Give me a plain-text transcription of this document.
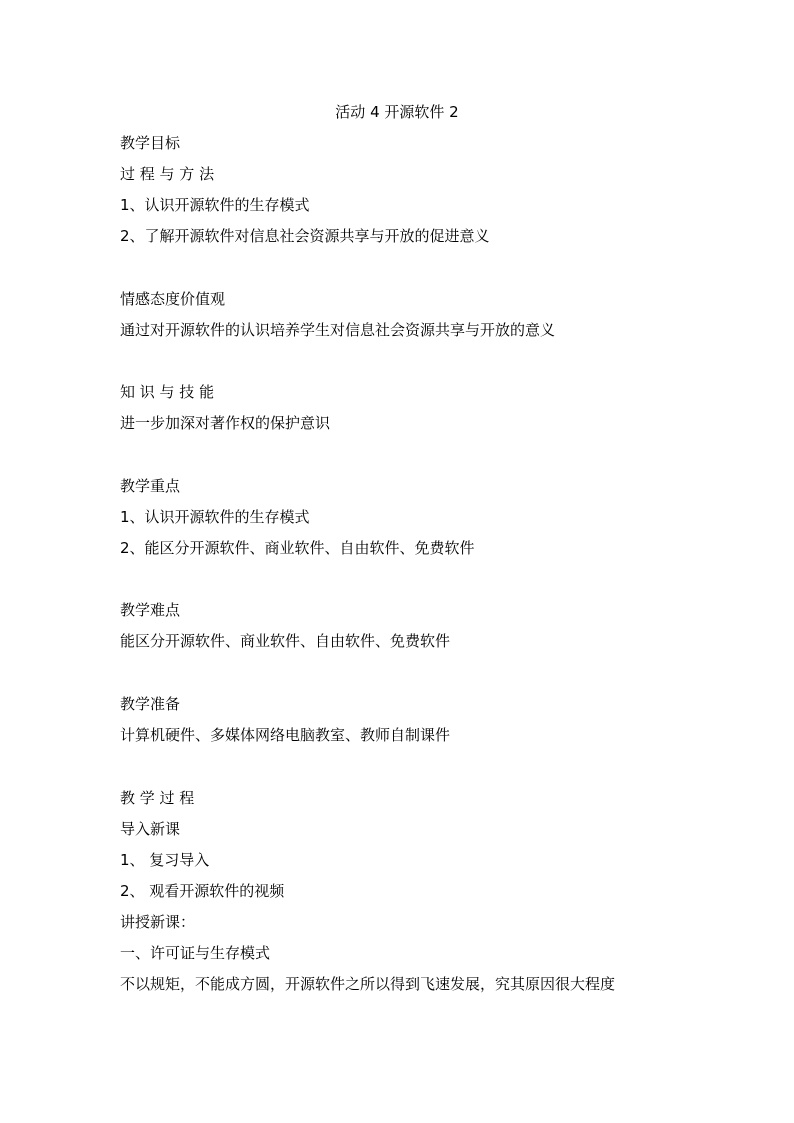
活动 4 开源软件 2
教学目标
过 程 与 方 法
1、认识开源软件的生存模式
2、了解开源软件对信息社会资源共享与开放的促进意义
情感态度价值观
通过对开源软件的认识培养学生对信息社会资源共享与开放的意义
知 识 与 技 能
进一步加深对著作权的保护意识
教学重点
1、认识开源软件的生存模式
2、能区分开源软件、商业软件、自由软件、免费软件
教学难点
能区分开源软件、商业软件、自由软件、免费软件
教学准备
计算机硬件、多媒体网络电脑教室、教师自制课件
教 学 过 程
导入新课
1、 复习导入
2、 观看开源软件的视频
讲授新课：
一、许可证与生存模式
不以规矩，不能成方圆，开源软件之所以得到飞速发展，究其原因很大程度
